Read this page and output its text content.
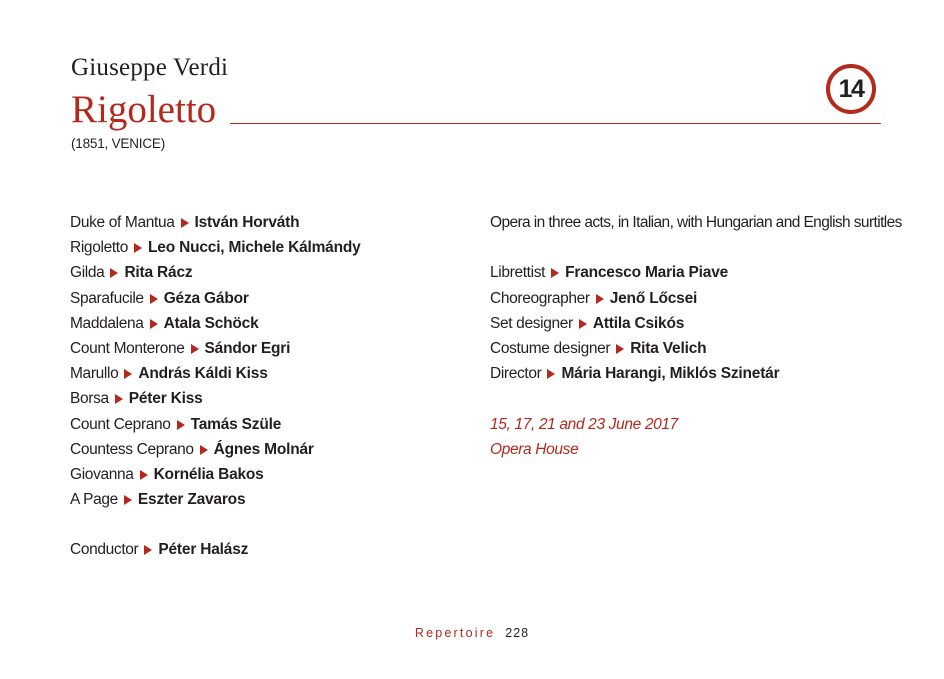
Giuseppe Verdi
Rigoletto
(1851, VENICE)
14
Duke of Mantua István Horváth
Rigoletto Leo Nucci, Michele Kálmándy
Gilda Rita Rácz
Sparafucile Géza Gábor
Maddalena Atala Schöck
Count Monterone Sándor Egri
Marullo András Káldi Kiss
Borsa Péter Kiss
Count Ceprano Tamás Szüle
Countess Ceprano Ágnes Molnár
Giovanna Kornélia Bakos
A Page Eszter Zavaros
Conductor Péter Halász
Opera in three acts, in Italian, with Hungarian and English surtitles
Librettist Francesco Maria Piave
Choreographer Jenő Lőcsei
Set designer Attila Csikós
Costume designer Rita Velich
Director Mária Harangi, Miklós Szinetár
15, 17, 21 and 23 June 2017
Opera House
Repertoire 228
